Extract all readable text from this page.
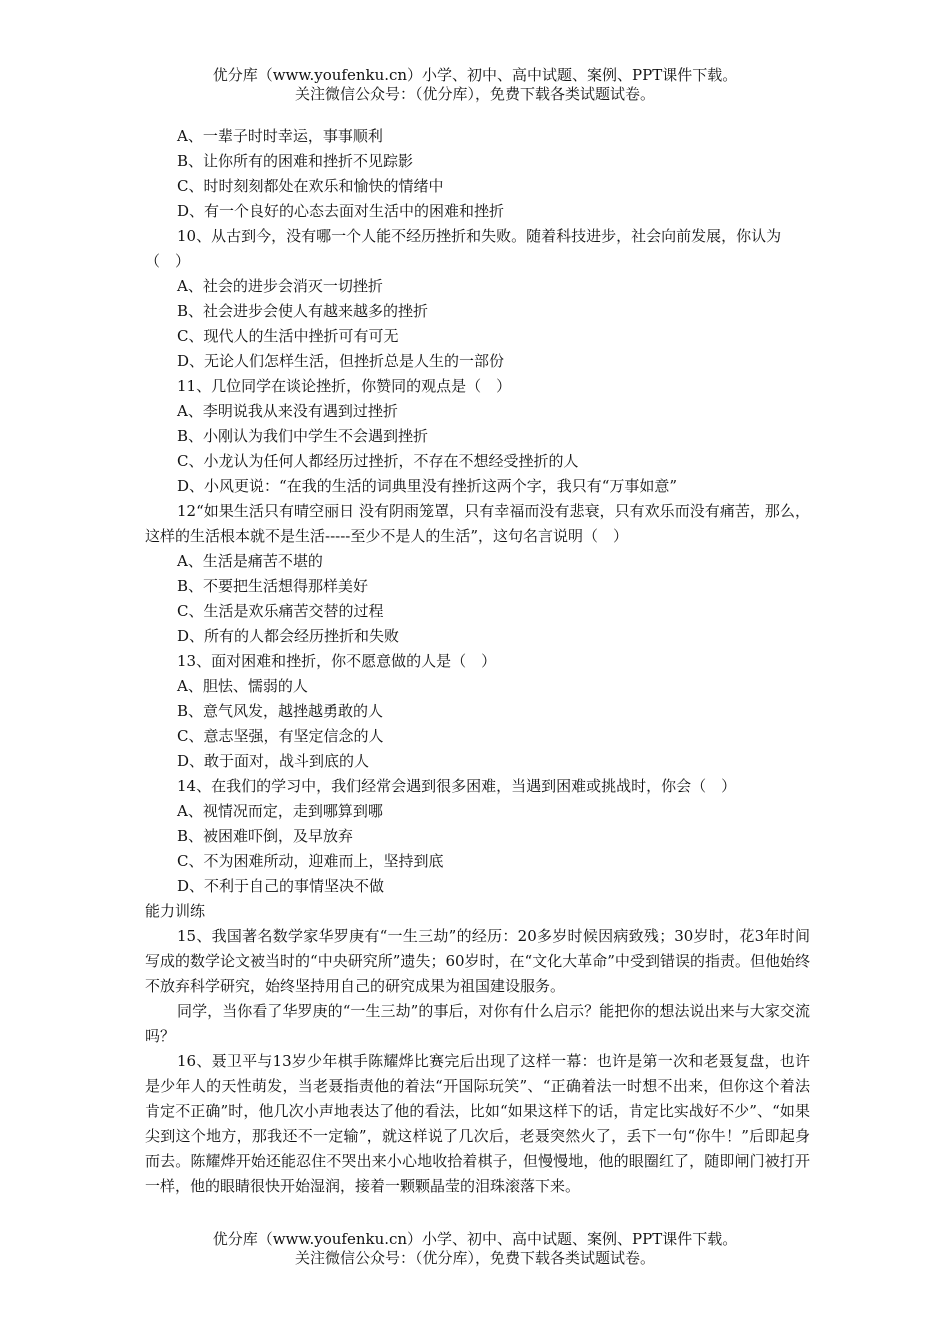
优分库（www.youfenku.cn）小学、初中、高中试题、案例、PPT课件下载。
关注微信公众号：（优分库），免费下载各类试题试卷。
A、一辈子时时幸运，事事顺利
B、让你所有的困难和挫折不见踪影
C、时时刻刻都处在欢乐和愉快的情绪中
D、有一个良好的心态去面对生活中的困难和挫折
10、从古到今，没有哪一个人能不经历挫折和失败。随着科技进步，社会向前发展，你认为　　　　　　　　　（　）
A、社会的进步会消灭一切挫折
B、社会进步会使人有越来越多的挫折
C、现代人的生活中挫折可有可无
D、无论人们怎样生活，但挫折总是人生的一部份
11、几位同学在谈论挫折，你赞同的观点是（　）
A、李明说我从来没有遇到过挫折
B、小刚认为我们中学生不会遇到挫折
C、小龙认为任何人都经历过挫折，不存在不想经受挫折的人
D、小风更说：“在我的生活的词典里没有挫折这两个字，我只有“万事如意”
12“如果生活只有晴空丽日 没有阴雨笼罩，只有幸福而没有悲衰，只有欢乐而没有痛苦，那么，这样的生活根本就不是生活-----至少不是人的生活”，这句名言说明（　）
A、生活是痛苦不堪的
B、不要把生活想得那样美好
C、生活是欢乐痛苦交替的过程
D、所有的人都会经历挫折和失败
13、面对困难和挫折，你不愿意做的人是（　）
A、胆怯、懦弱的人
B、意气风发，越挫越勇敢的人
C、意志坚强，有坚定信念的人
D、敢于面对，战斗到底的人
14、在我们的学习中，我们经常会遇到很多困难，当遇到困难或挑战时，你会（　）
A、视情况而定，走到哪算到哪
B、被困难吓倒，及早放弃
C、不为困难所动，迎难而上，坚持到底
D、不利于自己的事情坚决不做
能力训练
15、我国著名数学家华罗庚有“一生三劫”的经历：20多岁时候因病致残；30岁时，花3年时间写成的数学论文被当时的“中央研究所”遗失；60岁时，在“文化大革命”中受到错误的指责。但他始终不放弃科学研究，始终坚持用自己的研究成果为祖国建设服务。
同学，当你看了华罗庚的“一生三劫”的事后，对你有什么启示？能把你的想法说出来与大家交流吗？
16、聂卫平与13岁少年棋手陈耀烨比赛完后出现了这样一幕：也许是第一次和老聂复盘，也许是少年人的天性萌发，当老聂指责他的着法“开国际玩笑”、“正确着法一时想不出来，但你这个着法肯定不正确”时，他几次小声地表达了他的看法，比如“如果这样下的话，肯定比实战好不少”、“如果尖到这个地方，那我还不一定输”，就这样说了几次后，老聂突然火了，丢下一句“你牛！”后即起身而去。陈耀烨开始还能忍住不哭出来小心地收拾着棋子，但慢慢地，他的眼圈红了，随即闸门被打开一样，他的眼睛很快开始湿润，接着一颗颗晶莹的泪珠滚落下来。
优分库（www.youfenku.cn）小学、初中、高中试题、案例、PPT课件下载。
关注微信公众号：（优分库），免费下载各类试题试卷。
